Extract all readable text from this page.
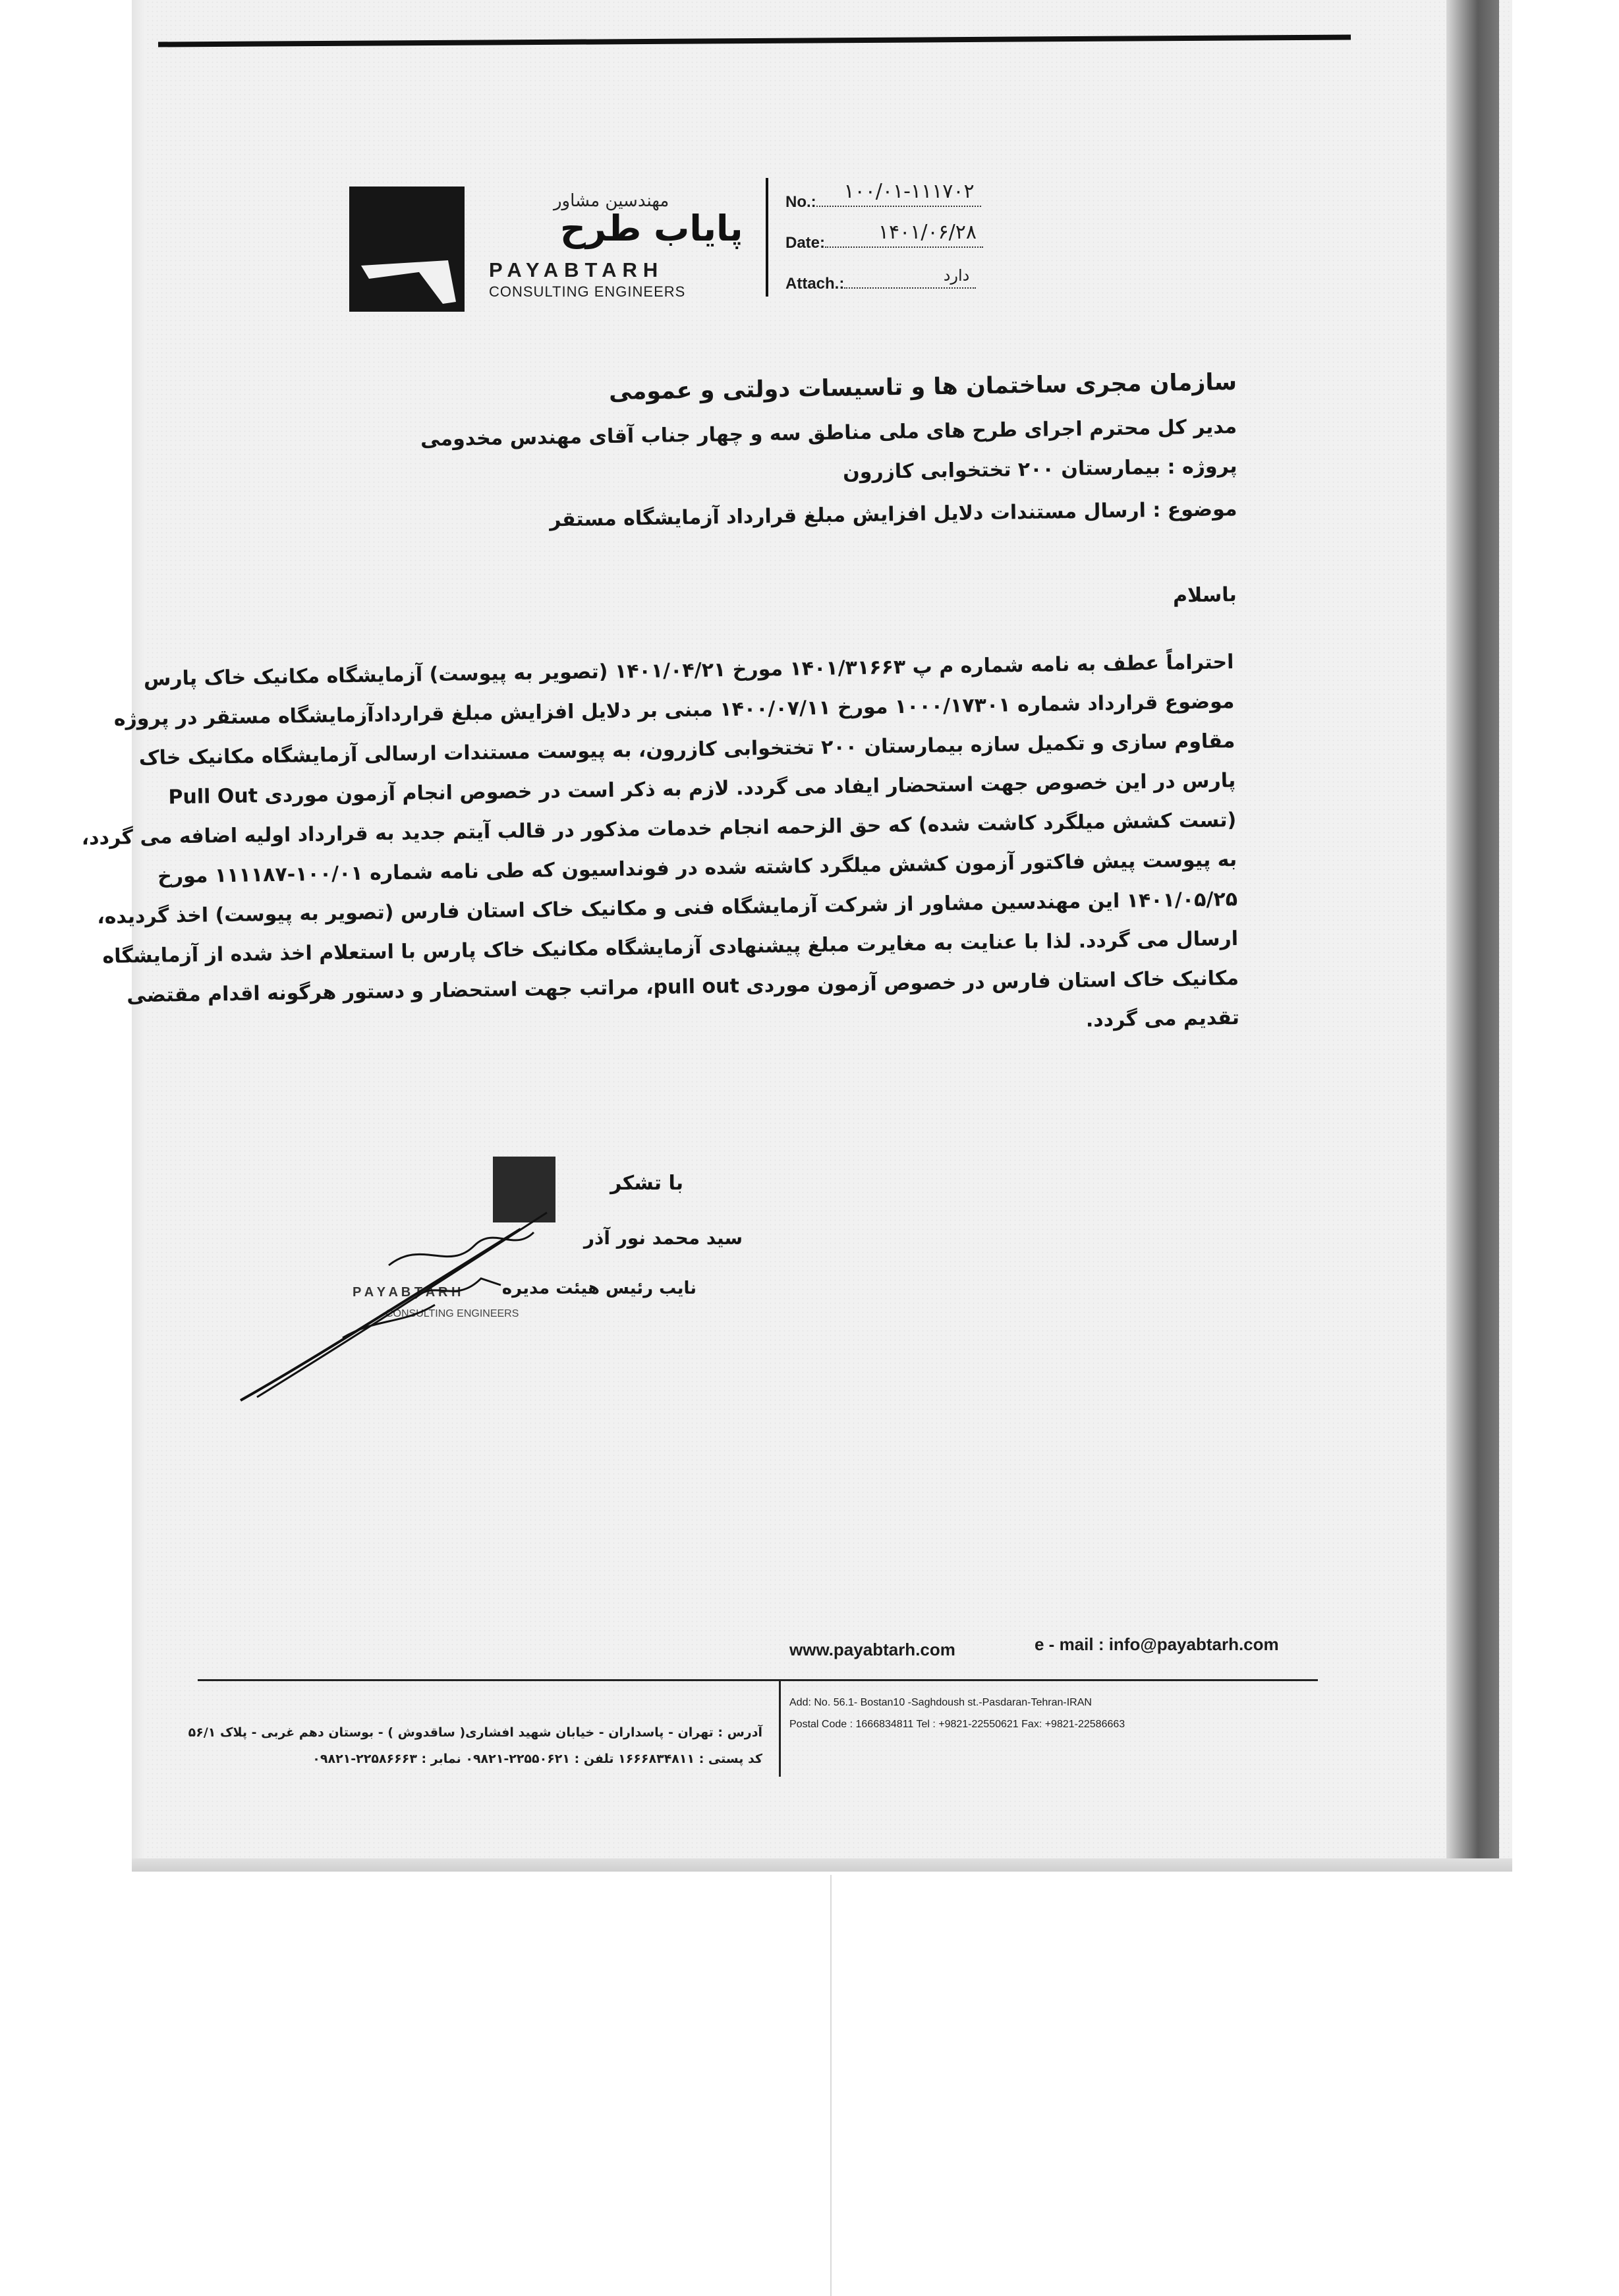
مهندسین مشاور
پایاب طرح
PAYABTARH
CONSULTING ENGINEERS
No.: ۱۰۰/۰۱-۱۱۱۷۰۲
Date:	۱۴۰۱/۰۶/۲۸
Attach.:	دارد
سازمان مجری ساختمان ها و تاسیسات دولتی و عمومی
مدیر کل محترم اجرای طرح های ملی مناطق سه و چهار جناب آقای مهندس مخدومی
پروژه : بیمارستان ۲۰۰ تختخوابی کازرون
موضوع : ارسال مستندات دلایل افزایش مبلغ قرارداد آزمایشگاه مستقر
باسلام
احتراماً عطف به نامه شماره م پ ۱۴۰۱/۳۱۶۶۳ مورخ ۱۴۰۱/۰۴/۲۱ (تصویر به پیوست) آزمایشگاه مکانیک خاک پارس
موضوع قرارداد شماره ۱۰۰۰/۱۷۳۰۱ مورخ ۱۴۰۰/۰۷/۱۱ مبنی بر دلایل افزایش مبلغ قراردادآزمایشگاه مستقر در پروژه
مقاوم سازی و تکمیل سازه بیمارستان ۲۰۰ تختخوابی کازرون، به پیوست مستندات ارسالی آزمایشگاه مکانیک خاک
پارس در این خصوص جهت استحضار ایفاد می گردد. لازم به ذکر است در خصوص انجام آزمون موردی Pull Out
(تست کشش میلگرد کاشت شده) که حق الزحمه انجام خدمات مذکور در قالب آیتم جدید به قرارداد اولیه اضافه می گردد،
به پیوست پیش فاکتور آزمون کشش میلگرد کاشته شده در فونداسیون که طی نامه شماره ۱۰۰/۰۱-۱۱۱۱۸۷ مورخ
۱۴۰۱/۰۵/۲۵ این مهندسین مشاور از شرکت آزمایشگاه فنی و مکانیک خاک استان فارس (تصویر به پیوست) اخذ گردیده،
ارسال می گردد. لذا با عنایت به مغایرت مبلغ پیشنهادی آزمایشگاه مکانیک خاک پارس با استعلام اخذ شده از آزمایشگاه
مکانیک خاک استان فارس در خصوص آزمون موردی pull out، مراتب جهت استحضار و دستور هرگونه اقدام مقتضی
تقدیم می گردد.
با تشکر
سید محمد نور آذر
نایب رئیس هیئت مدیره
P A Y A B T A R H
CONSULTING ENGINEERS
www.payabtarh.com	e - mail : info@payabtarh.com
Add: No. 56.1- Bostan10 -Saghdoush st.-Pasdaran-Tehran-IRAN
Postal Code : 1666834811 Tel : +9821-22550621 Fax: +9821-22586663
آدرس : تهران - پاسداران - خیابان شهید افشاری( ساقدوش ) - بوستان دهم غربی - پلاک ۵۶/۱
کد پستی : ۱۶۶۶۸۳۴۸۱۱ تلفن : ۲۲۵۵۰۶۲۱-۰۹۸۲۱ نمابر : ۲۲۵۸۶۶۶۳-۰۹۸۲۱
